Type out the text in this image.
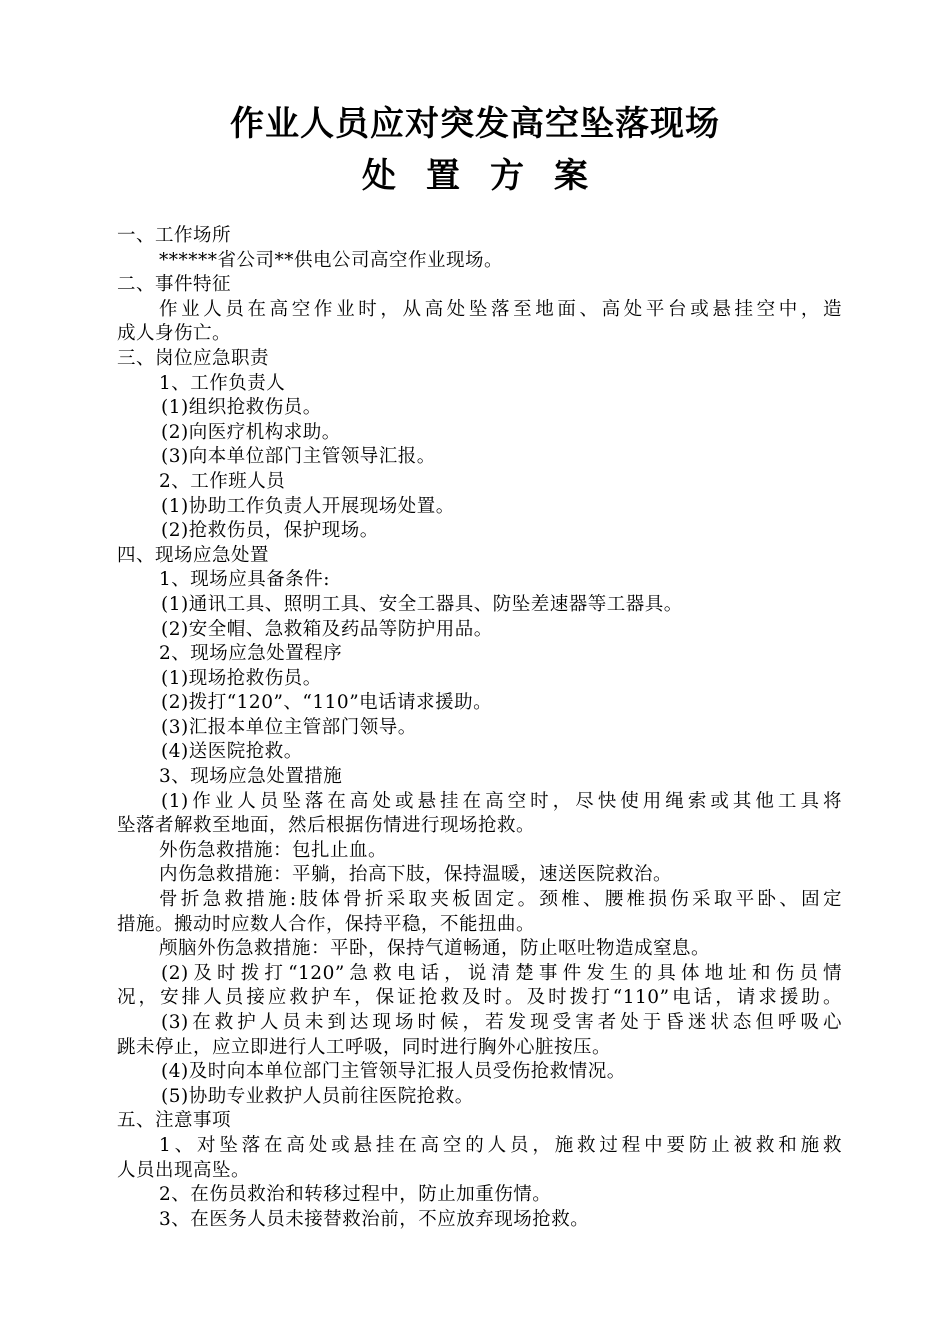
作业人员应对突发高空坠落现场
处置方案
一、工作场所
******省公司**供电公司高空作业现场。
二、事件特征
作业人员在高空作业时，从高处坠落至地面、高处平台或悬挂空中，造
成人身伤亡。
三、岗位应急职责
1、工作负责人
(1)组织抢救伤员。
(2)向医疗机构求助。
(3)向本单位部门主管领导汇报。
2、工作班人员
(1)协助工作负责人开展现场处置。
(2)抢救伤员，保护现场。
四、现场应急处置
1、现场应具备条件:
(1)通讯工具、照明工具、安全工器具、防坠差速器等工器具。
(2)安全帽、急救箱及药品等防护用品。
2、现场应急处置程序
(1)现场抢救伤员。
(2)拨打“120”、“110”电话请求援助。
(3)汇报本单位主管部门领导。
(4)送医院抢救。
3、现场应急处置措施
(1)作业人员坠落在高处或悬挂在高空时，尽快使用绳索或其他工具将
坠落者解救至地面，然后根据伤情进行现场抢救。
外伤急救措施：包扎止血。
内伤急救措施：平躺，抬高下肢，保持温暖，速送医院救治。
骨折急救措施:肢体骨折采取夹板固定。颈椎、腰椎损伤采取平卧、固定
措施。搬动时应数人合作，保持平稳，不能扭曲。
颅脑外伤急救措施：平卧，保持气道畅通，防止呕吐物造成窒息。
(2)及时拨打“120”急救电话，说清楚事件发生的具体地址和伤员情
况，安排人员接应救护车，保证抢救及时。及时拨打“110”电话，请求援助。
(3)在救护人员未到达现场时候，若发现受害者处于昏迷状态但呼吸心
跳未停止，应立即进行人工呼吸，同时进行胸外心脏按压。
(4)及时向本单位部门主管领导汇报人员受伤抢救情况。
(5)协助专业救护人员前往医院抢救。
五、注意事项
1、对坠落在高处或悬挂在高空的人员，施救过程中要防止被救和施救
人员出现高坠。
2、在伤员救治和转移过程中，防止加重伤情。
3、在医务人员未接替救治前，不应放弃现场抢救。
